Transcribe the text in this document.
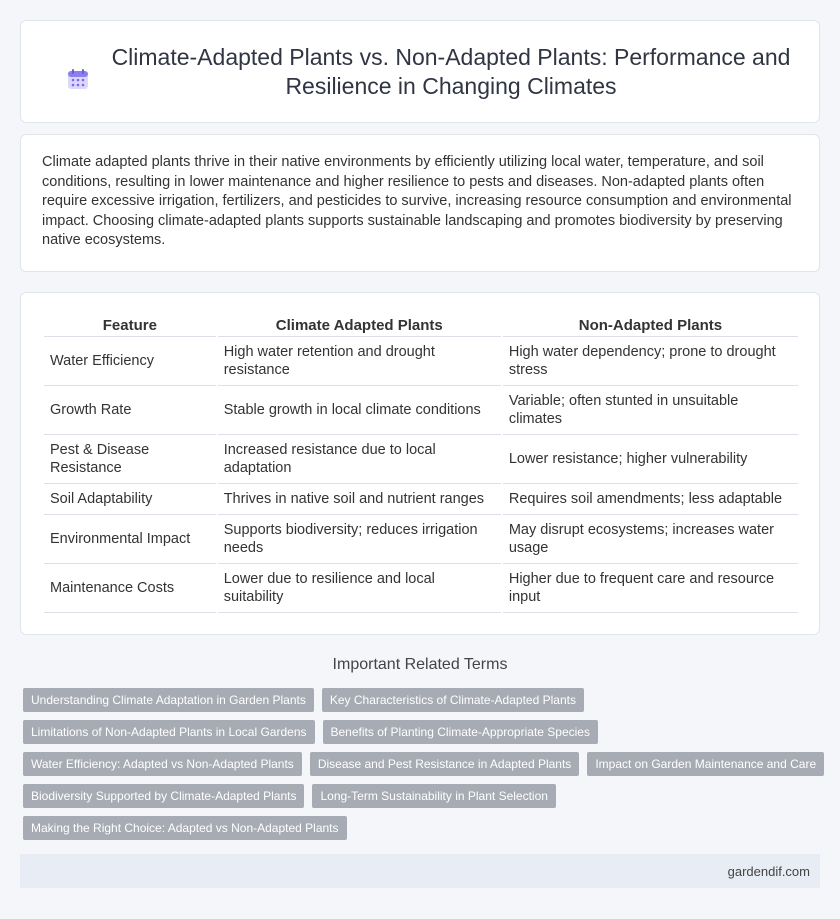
Climate-Adapted Plants vs. Non-Adapted Plants: Performance and Resilience in Changing Climates

Climate adapted plants thrive in their native environments by efficiently utilizing local water, temperature, and soil conditions, resulting in lower maintenance and higher resilience to pests and diseases. Non-adapted plants often require excessive irrigation, fertilizers, and pesticides to survive, increasing resource consumption and environmental impact. Choosing climate-adapted plants supports sustainable landscaping and promotes biodiversity by preserving native ecosystems.

Feature	Climate Adapted Plants	Non-Adapted Plants
Water Efficiency	High water retention and drought resistance	High water dependency; prone to drought stress
Growth Rate	Stable growth in local climate conditions	Variable; often stunted in unsuitable climates
Pest & Disease Resistance	Increased resistance due to local adaptation	Lower resistance; higher vulnerability
Soil Adaptability	Thrives in native soil and nutrient ranges	Requires soil amendments; less adaptable
Environmental Impact	Supports biodiversity; reduces irrigation needs	May disrupt ecosystems; increases water usage
Maintenance Costs	Lower due to resilience and local suitability	Higher due to frequent care and resource input
Important Related Terms
Understanding Climate Adaptation in Garden Plants	Key Characteristics of Climate-Adapted Plants
Limitations of Non-Adapted Plants in Local Gardens	Benefits of Planting Climate-Appropriate Species
Water Efficiency: Adapted vs Non-Adapted Plants	Disease and Pest Resistance in Adapted Plants	Impact on Garden Maintenance and Care
Biodiversity Supported by Climate-Adapted Plants	Long-Term Sustainability in Plant Selection
Making the Right Choice: Adapted vs Non-Adapted Plants
gardendif.com
